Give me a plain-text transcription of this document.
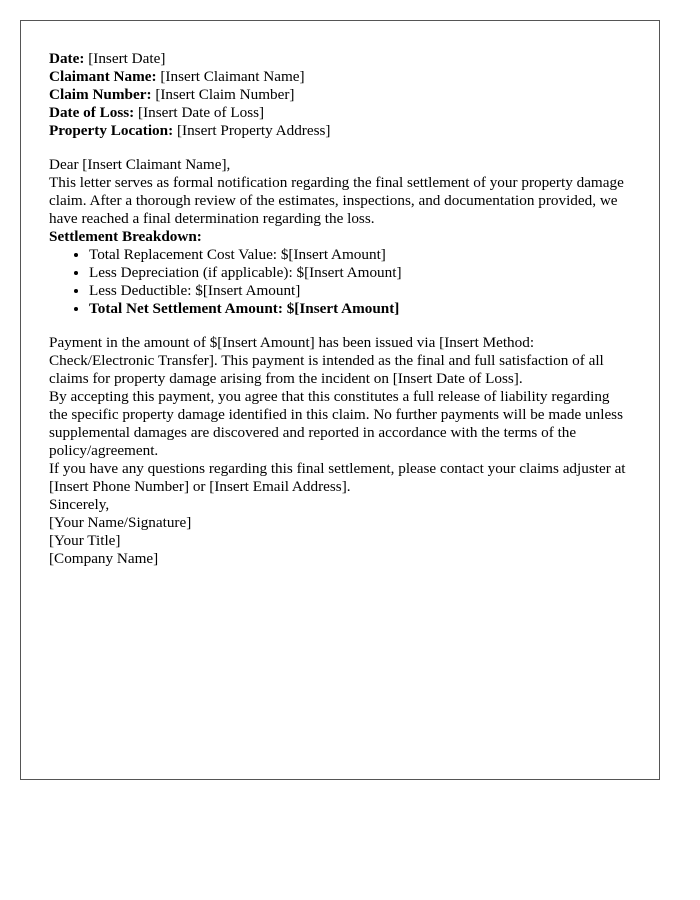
Date: [Insert Date]

Claimant Name: [Insert Claimant Name]
Claim Number: [Insert Claim Number]
Date of Loss: [Insert Date of Loss]
Property Location: [Insert Property Address]

Dear [Insert Claimant Name],

This letter serves as formal notification regarding the final settlement of your property damage claim. After a thorough review of the estimates, inspections, and documentation provided, we have reached a final determination regarding the loss.

Settlement Breakdown:

• Total Replacement Cost Value: $[Insert Amount]
• Less Depreciation (if applicable): $[Insert Amount]
• Less Deductible: $[Insert Amount]
• Total Net Settlement Amount: $[Insert Amount]

Payment in the amount of $[Insert Amount] has been issued via [Insert Method: Check/Electronic Transfer]. This payment is intended as the final and full satisfaction of all claims for property damage arising from the incident on [Insert Date of Loss].

By accepting this payment, you agree that this constitutes a full release of liability regarding the specific property damage identified in this claim. No further payments will be made unless supplemental damages are discovered and reported in accordance with the terms of the policy/agreement.

If you have any questions regarding this final settlement, please contact your claims adjuster at [Insert Phone Number] or [Insert Email Address].

Sincerely,

[Your Name/Signature]
[Your Title]
[Company Name]
